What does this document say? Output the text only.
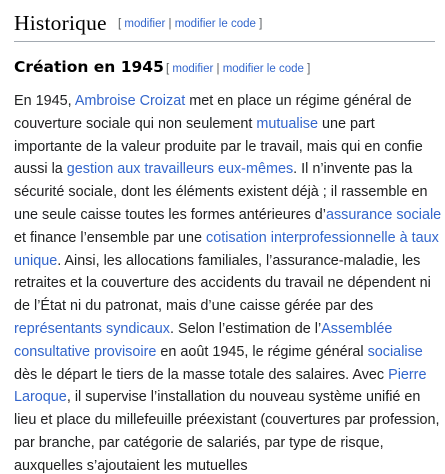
Historique [ modifier | modifier le code ]
Création en 1945 [ modifier | modifier le code ]

En 1945, Ambroise Croizat met en place un régime général de couverture sociale qui non seulement mutualise une part importante de la valeur produite par le travail, mais qui en confie aussi la gestion aux travailleurs eux-mêmes. Il n’invente pas la sécurité sociale, dont les éléments existent déjà ; il rassemble en une seule caisse toutes les formes antérieures d’assurance sociale et finance l’ensemble par une cotisation interprofessionnelle à taux unique. Ainsi, les allocations familiales, l’assurance-maladie, les retraites et la couverture des accidents du travail ne dépendent ni de l’État ni du patronat, mais d’une caisse gérée par des représentants syndicaux. Selon l’estimation de l’Assemblée consultative provisoire en août 1945, le régime général socialise dès le départ le tiers de la masse totale des salaires. Avec Pierre Laroque, il supervise l’installation du nouveau système unifié en lieu et place du millefeuille préexistant (couvertures par profession, par branche, par catégorie de salariés, par type de risque, auxquelles s’ajoutaient les mutuelles
